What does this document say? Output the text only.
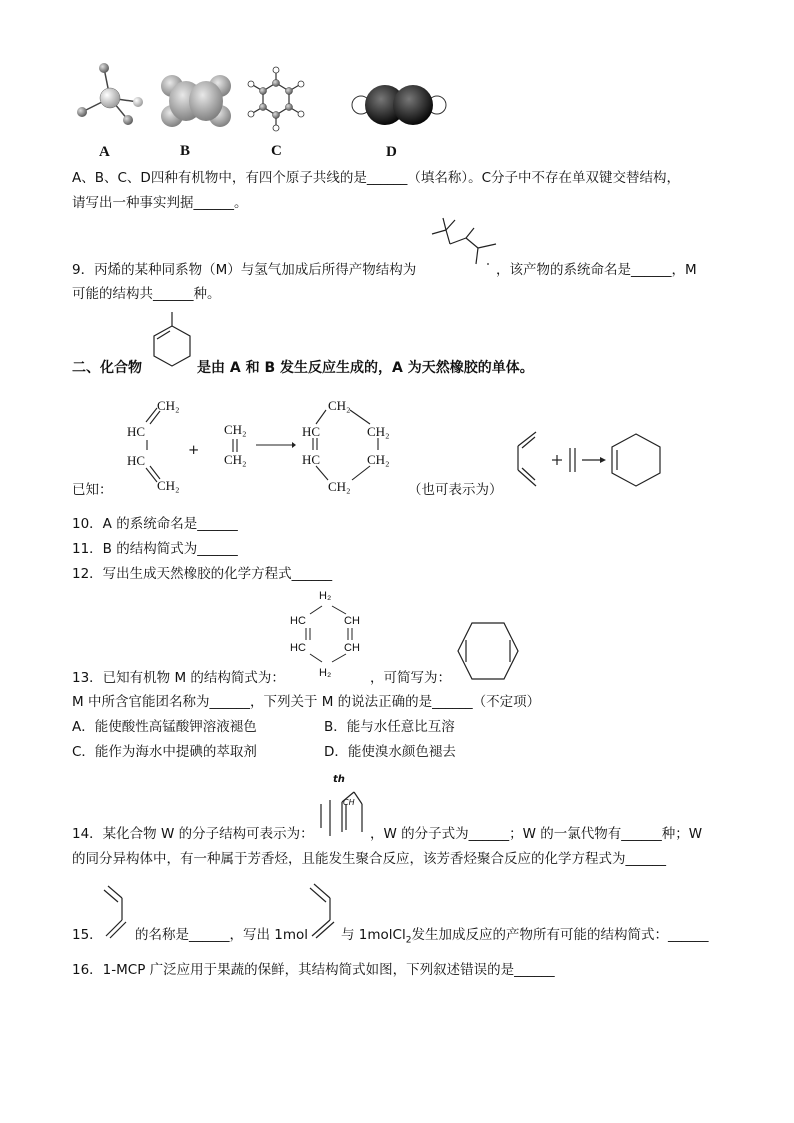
A	B	C	D
A、B、C、D四种有机物中，有四个原子共线的是______（填名称）。C分子中不存在单双键交替结构，
请写出一种事实判据______。
9．丙烯的某种同系物（M）与氢气加成后所得产物结构为	，该产物的系统命名是______，M
可能的结构共______种。
二、化合物	是由 A 和 B 发生反应生成的，A 为天然橡胶的单体。
已知：
CH₂
HC
HC
CH₂
+
CH₂
CH₂
CH₂
HC
HC
CH₂
CH₂
CH₂	（也可表示为）
10．A 的系统命名是______
11．B 的结构简式为______
12．写出生成天然橡胶的化学方程式______
H₂
HC	CH
HC	CH
H₂
13．已知有机物 M 的结构简式为：	，可简写为：
M 中所含官能团名称为______，下列关于 M 的说法正确的是______（不定项）
A．能使酸性高锰酸钾溶液褪色	B．能与水任意比互溶
C．能作为海水中提碘的萃取剂	D．能使溴水颜色褪去
th
CH
14．某化合物 W 的分子结构可表示为：	，W 的分子式为______；W 的一氯代物有______种；W
的同分异构体中，有一种属于芳香烃，且能发生聚合反应，该芳香烃聚合反应的化学方程式为______
15． 的名称是______，写出 1mol 与 1molCl$_2$发生加成反应的产物所有可能的结构简式：______
16．1-MCP 广泛应用于果蔬的保鲜，其结构简式如图，下列叙述错误的是______
